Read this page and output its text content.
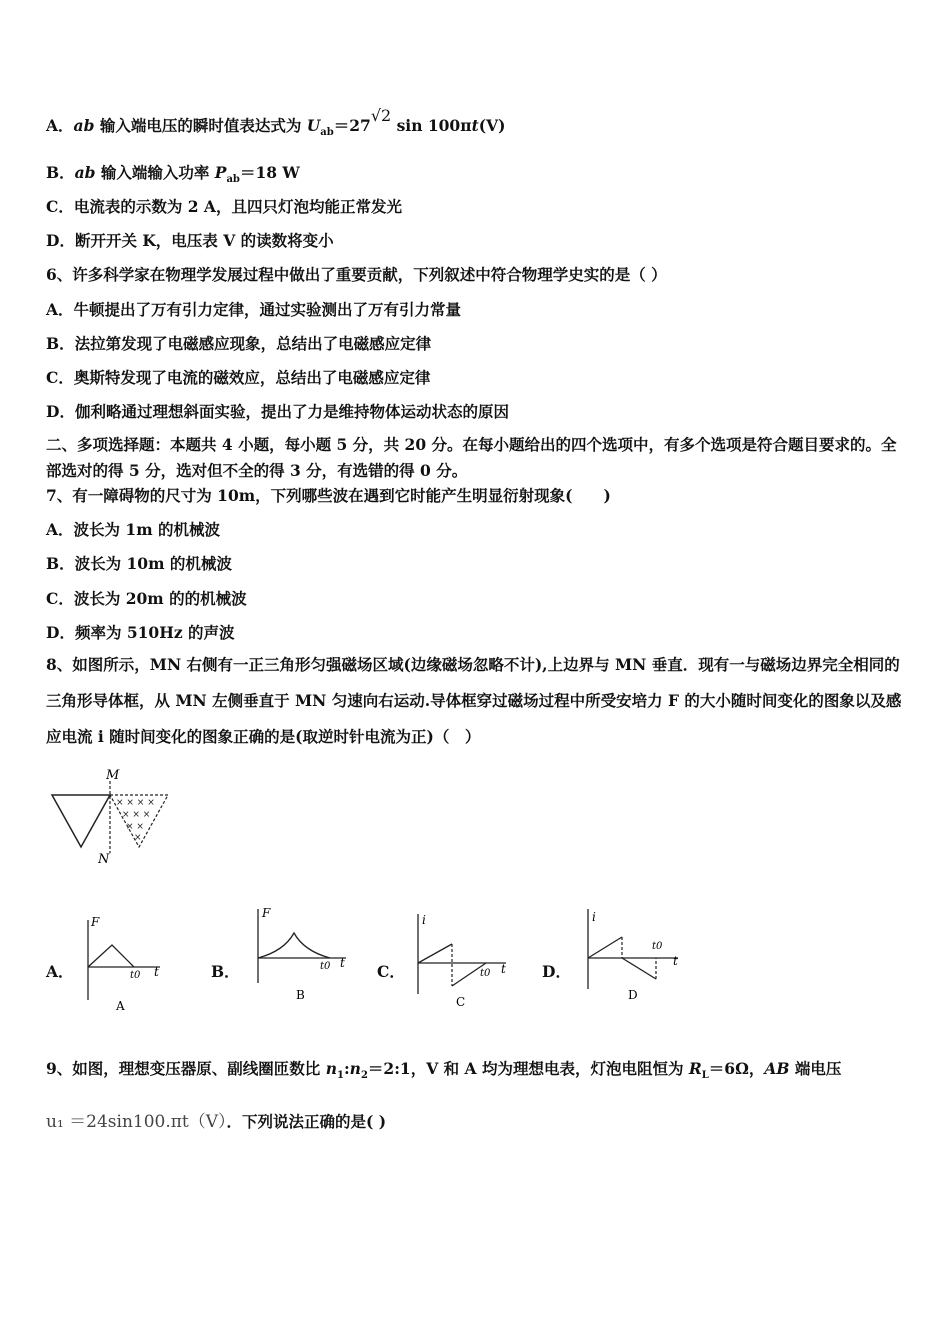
A．ab 输入端电压的瞬时值表达式为 $U_{ab}=27√2$ sin 100πt(V)
B．ab 输入端输入功率 $P_{ab}=18$ W
C．电流表的示数为 2 A，且四只灯泡均能正常发光
D．断开开关 K，电压表 V 的读数将变小
6、许多科学家在物理学发展过程中做出了重要贡献，下列叙述中符合物理学史实的是（ ）
A．牛顿提出了万有引力定律，通过实验测出了万有引力常量
B．法拉第发现了电磁感应现象，总结出了电磁感应定律
C．奥斯特发现了电流的磁效应，总结出了电磁感应定律
D．伽利略通过理想斜面实验，提出了力是维持物体运动状态的原因
二、多项选择题：本题共 4 小题，每小题 5 分，共 20 分。在每小题给出的四个选项中，有多个选项是符合题目要求的。全部选对的得 5 分，选对但不全的得 3 分，有选错的得 0 分。
7、有一障碍物的尺寸为 10m，下列哪些波在遇到它时能产生明显衍射现象(　　)
A．波长为 1m 的机械波
B．波长为 10m 的机械波
C．波长为 20m 的的机械波
D．频率为 510Hz 的声波
8、如图所示，MN 右侧有一正三角形匀强磁场区域(边缘磁场忽略不计),上边界与 MN 垂直．现有一与磁场边界完全相同的三角形导体框，从 MN 左侧垂直于 MN 匀速向右运动.导体框穿过磁场过程中所受安培力 F 的大小随时间变化的图象以及感应电流 i 随时间变化的图象正确的是(取逆时针电流为正)（　）
M
N
× × × ×
× × ×
× ×
×
A．
F
t0 t
A
B．
F
t0 t
B
C．
i
t0 t
C
D．
i
t0
t
D
9、如图，理想变压器原、副线圈匝数比 $n_1:n_2=2:1$，V 和 A 均为理想电表，灯泡电阻恒为 $R_L=6\Omega$，AB 端电压
u₁ ＝24sin100.πt（V）．下列说法正确的是( )
